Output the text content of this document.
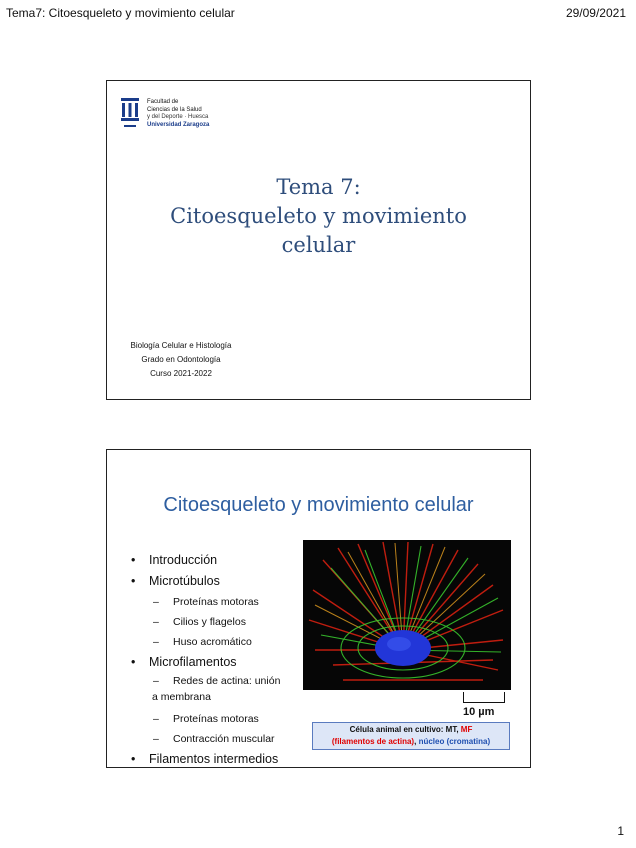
Tema7: Citoesqueleto y movimiento celular	29/09/2021
Facultad de
Ciencias de la Salud
y del Deporte · Huesca
Universidad Zaragoza
Tema 7:
Citoesqueleto y movimiento
celular
Biología Celular e Histología
Grado en Odontología
Curso 2021-2022
Citoesqueleto y movimiento celular
• Introducción
• Microtúbulos
– Proteínas motoras
– Cilios y flagelos
– Huso acromático
• Microfilamentos
– Redes de actina: unión
a membrana
– Proteínas motoras
– Contracción muscular
• Filamentos intermedios
10 µm
Célula animal en cultivo: MT, MF
(filamentos de actina), núcleo (cromatina)
1
